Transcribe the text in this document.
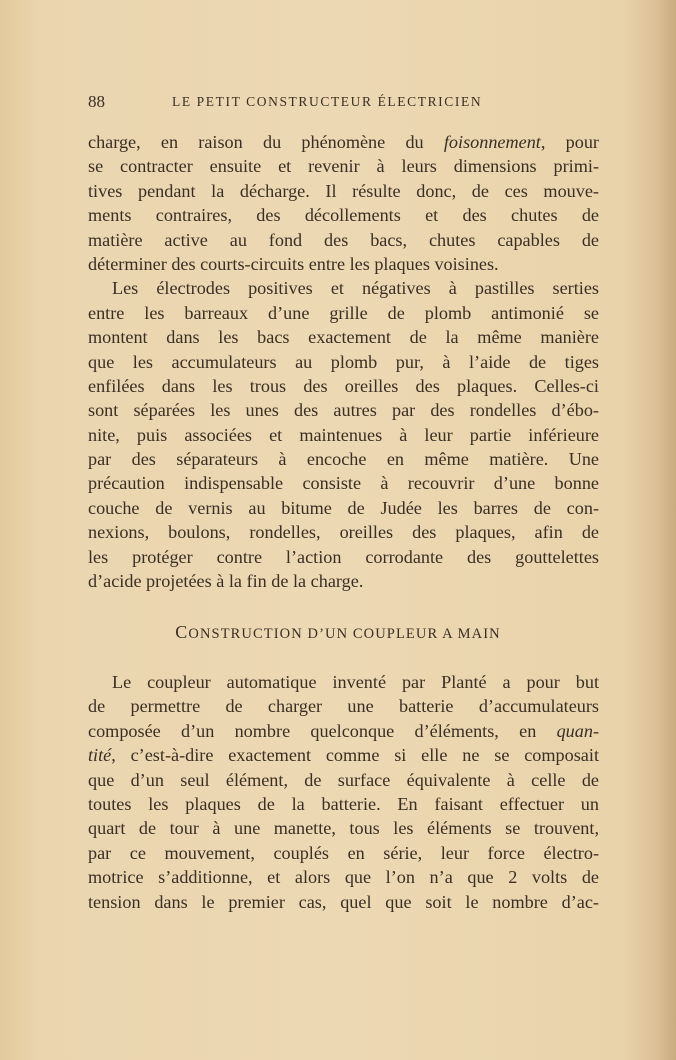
88	LE PETIT CONSTRUCTEUR ÉLECTRICIEN
charge, en raison du phénomène du foisonnement, pour
se contracter ensuite et revenir à leurs dimensions primi-
tives pendant la décharge. Il résulte donc, de ces mouve-
ments contraires, des décollements et des chutes de
matière active au fond des bacs, chutes capables de
déterminer des courts-circuits entre les plaques voisines.
Les électrodes positives et négatives à pastilles serties
entre les barreaux d’une grille de plomb antimonié se
montent dans les bacs exactement de la même manière
que les accumulateurs au plomb pur, à l’aide de tiges
enfilées dans les trous des oreilles des plaques. Celles-ci
sont séparées les unes des autres par des rondelles d’ébo-
nite, puis associées et maintenues à leur partie inférieure
par des séparateurs à encoche en même matière. Une
précaution indispensable consiste à recouvrir d’une bonne
couche de vernis au bitume de Judée les barres de con-
nexions, boulons, rondelles, oreilles des plaques, afin de
les protéger contre l’action corrodante des gouttelettes
d’acide projetées à la fin de la charge.
CONSTRUCTION D’UN COUPLEUR A MAIN
Le coupleur automatique inventé par Planté a pour but
de permettre de charger une batterie d’accumulateurs
composée d’un nombre quelconque d’éléments, en quan-
tité, c’est-à-dire exactement comme si elle ne se composait
que d’un seul élément, de surface équivalente à celle de
toutes les plaques de la batterie. En faisant effectuer un
quart de tour à une manette, tous les éléments se trouvent,
par ce mouvement, couplés en série, leur force électro-
motrice s’additionne, et alors que l’on n’a que 2 volts de
tension dans le premier cas, quel que soit le nombre d’ac-
